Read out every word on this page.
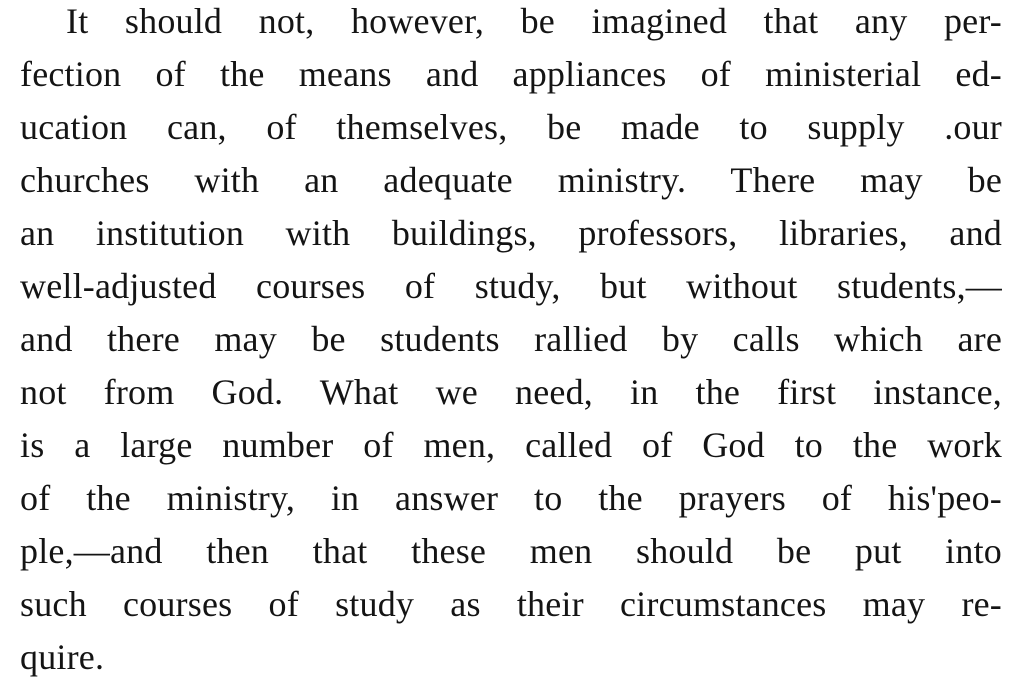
It should not, however, be imagined that any per-
fection of the means and appliances of ministerial ed-
ucation can, of themselves, be made to supply .our
churches with an adequate ministry. There may be
an institution with buildings, professors, libraries, and
well-adjusted courses of study, but without students,—
and there may be students rallied by calls which are
not from God. What we need, in the first instance,
is a large number of men, called of God to the work
of the ministry, in answer to the prayers of his'peo-
ple,—and then that these men should be put into
such courses of study as their circumstances may re-
quire.
